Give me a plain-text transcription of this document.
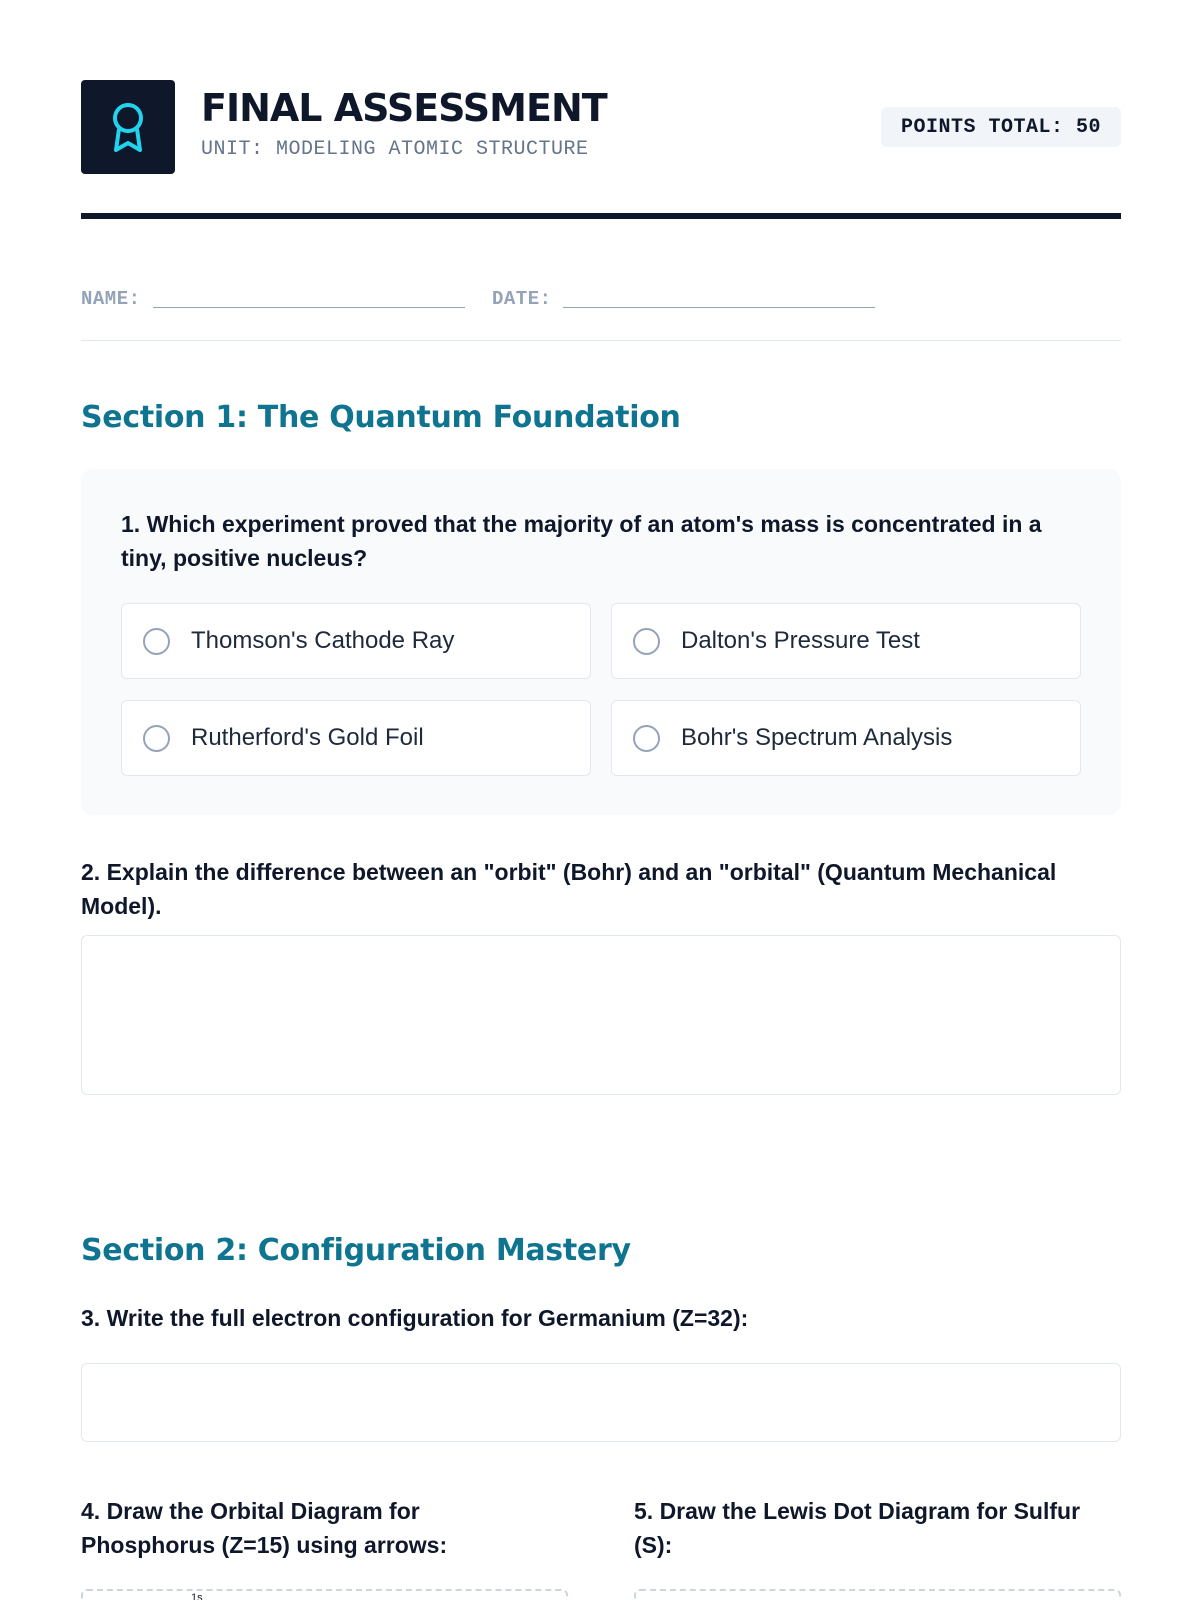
FINAL ASSESSMENT
UNIT: MODELING ATOMIC STRUCTURE
POINTS TOTAL: 50
NAME:	DATE:
Section 1: The Quantum Foundation
1. Which experiment proved that the majority of an atom's mass is concentrated in a tiny, positive nucleus?
Thomson's Cathode Ray	Dalton's Pressure Test
Rutherford's Gold Foil	Bohr's Spectrum Analysis
2. Explain the difference between an "orbit" (Bohr) and an "orbital" (Quantum Mechanical Model).
Section 2: Configuration Mastery
3. Write the full electron configuration for Germanium (Z=32):
4. Draw the Orbital Diagram for Phosphorus (Z=15) using arrows:
5. Draw the Lewis Dot Diagram for Sulfur (S):
1s
